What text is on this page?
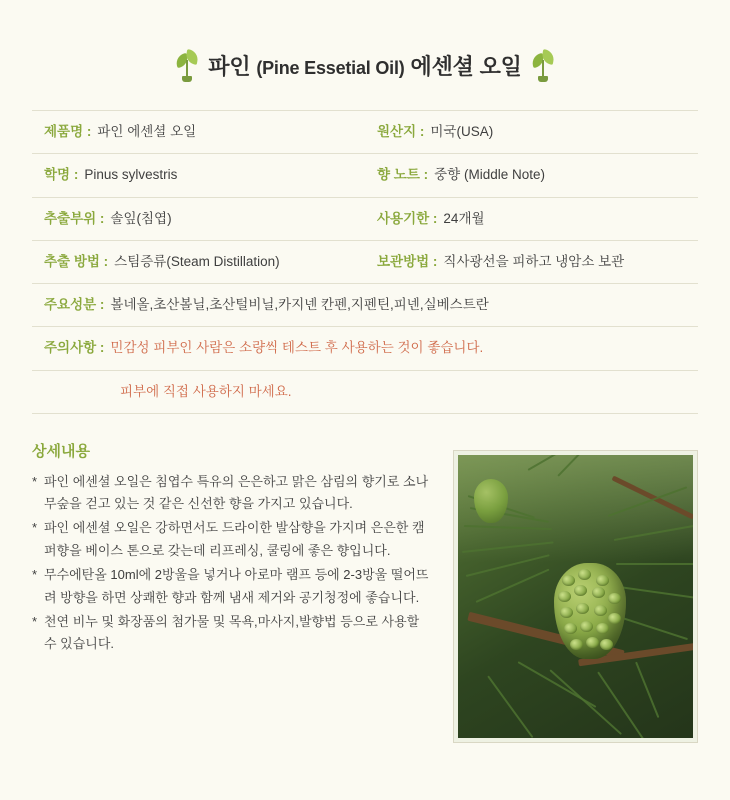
파인 (Pine Essetial Oil) 에센셜 오일
제품명 : 파인 에센셜 오일	원산지 : 미국(USA)
학명 : Pinus sylvestris	향 노트 : 중향 (Middle Note)
추출부위 : 솔잎(침엽)	사용기한 : 24개월
추출 방법 : 스팀증류(Steam Distillation)	보관방법 : 직사광선을 피하고 냉암소 보관
주요성분 : 볼네올,초산볼닐,초산털비닐,카지넨 칸펜,지펜틴,피넨,실베스트란
주의사항 : 민감성 피부인 사람은 소량씩 테스트 후 사용하는 것이 좋습니다.
피부에 직접 사용하지 마세요.
상세내용
* 파인 에센셜 오일은 침엽수 특유의 은은하고 맑은 삼림의 향기로 소나무숲을 걷고 있는 것 같은 신선한 향을 가지고 있습니다.
* 파인 에센셜 오일은 강하면서도 드라이한 발삼향을 가지며 은은한 캠퍼향을 베이스 톤으로 갖는데 리프레싱, 쿨링에 좋은 향입니다.
* 무수에탄올 10ml에 2방울을 넣거나 아로마 램프 등에 2-3방울 떨어뜨려 방향을 하면 상쾌한 향과 함께 냄새 제거와 공기청정에 좋습니다.
* 천연 비누 및 화장품의 첨가물 및 목욕,마사지,발향법 등으로 사용할 수 있습니다.
